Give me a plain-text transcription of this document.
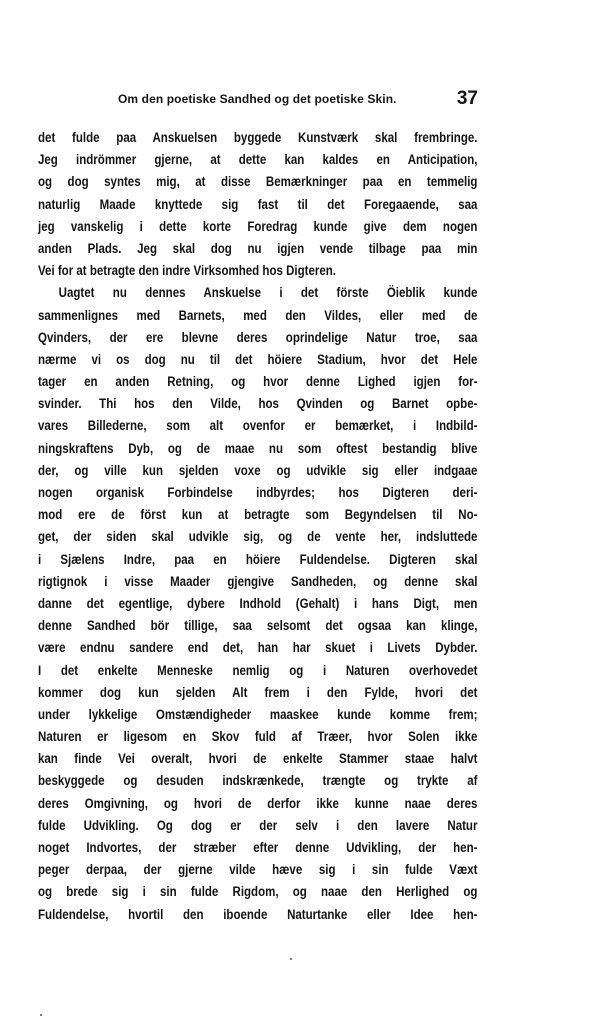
Om den poetiske Sandhed og det poetiske Skin.	37
det fulde paa Anskuelsen byggede Kunstværk skal frembringe.
Jeg indrömmer gjerne, at dette kan kaldes en Anticipation,
og dog syntes mig, at disse Bemærkninger paa en temmelig
naturlig Maade knyttede sig fast til det Foregaaende, saa
jeg vanskelig i dette korte Foredrag kunde give dem nogen
anden Plads. Jeg skal dog nu igjen vende tilbage paa min
Vei for at betragte den indre Virksomhed hos Digteren.
Uagtet nu dennes Anskuelse i det förste Öieblik kunde
sammenlignes med Barnets, med den Vildes, eller med de
Qvinders, der ere blevne deres oprindelige Natur troe, saa
nærme vi os dog nu til det höiere Stadium, hvor det Hele
tager en anden Retning, og hvor denne Lighed igjen for-
svinder. Thi hos den Vilde, hos Qvinden og Barnet opbe-
vares Billederne, som alt ovenfor er bemærket, i Indbild-
ningskraftens Dyb, og de maae nu som oftest bestandig blive
der, og ville kun sjelden voxe og udvikle sig eller indgaae
nogen organisk Forbindelse indbyrdes; hos Digteren deri-
mod ere de först kun at betragte som Begyndelsen til No-
get, der siden skal udvikle sig, og de vente her, indsluttede
i Sjælens Indre, paa en höiere Fuldendelse. Digteren skal
rigtignok i visse Maader gjengive Sandheden, og denne skal
danne det egentlige, dybere Indhold (Gehalt) i hans Digt, men
denne Sandhed bör tillige, saa selsomt det ogsaa kan klinge,
være endnu sandere end det, han har skuet i Livets Dybder.
I det enkelte Menneske nemlig og i Naturen overhovedet
kommer dog kun sjelden Alt frem i den Fylde, hvori det
under lykkelige Omstændigheder maaskee kunde komme frem;
Naturen er ligesom en Skov fuld af Træer, hvor Solen ikke
kan finde Vei overalt, hvori de enkelte Stammer staae halvt
beskyggede og desuden indskrænkede, trængte og trykte af
deres Omgivning, og hvori de derfor ikke kunne naae deres
fulde Udvikling. Og dog er der selv i den lavere Natur
noget Indvortes, der stræber efter denne Udvikling, der hen-
peger derpaa, der gjerne vilde hæve sig i sin fulde Væxt
og brede sig i sin fulde Rigdom, og naae den Herlighed og
Fuldendelse, hvortil den iboende Naturtanke eller Idee hen-
